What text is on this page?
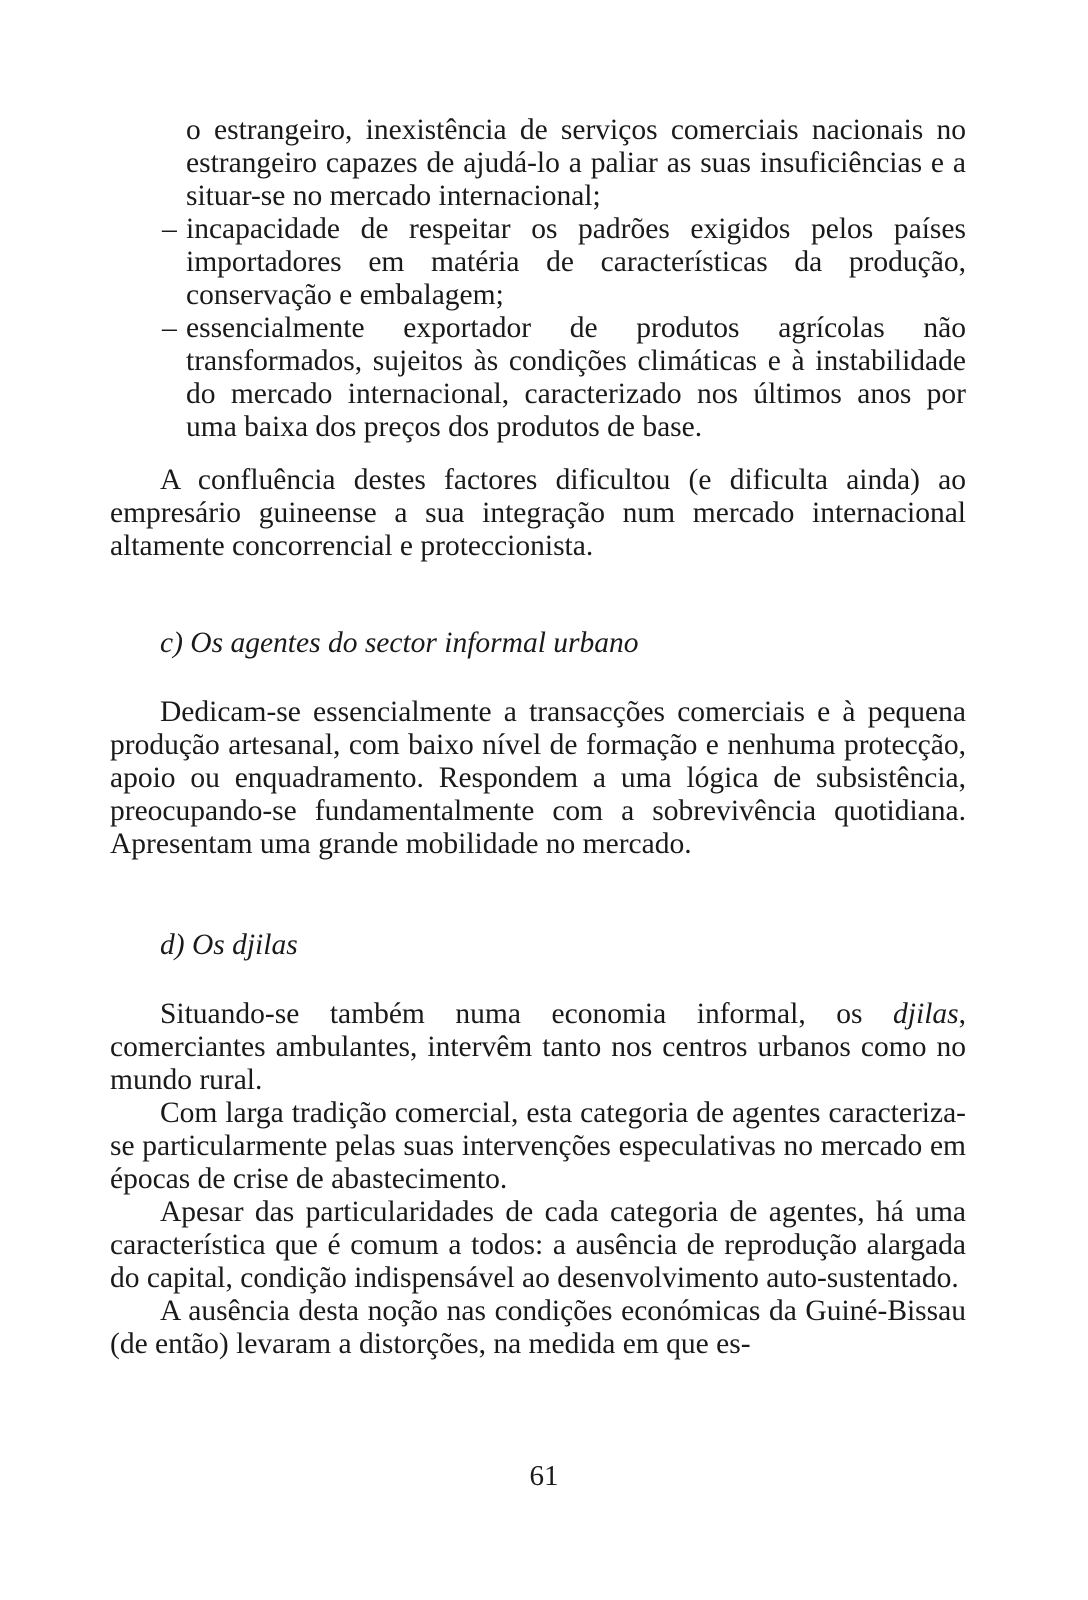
o estrangeiro, inexistência de serviços comerciais nacionais no estrangeiro capazes de ajudá-lo a paliar as suas insuficiências e a situar-se no mercado internacional;

– incapacidade de respeitar os padrões exigidos pelos países importadores em matéria de características da produção, conservação e embalagem;

– essencialmente exportador de produtos agrícolas não transformados, sujeitos às condições climáticas e à instabilidade do mercado internacional, caracterizado nos últimos anos por uma baixa dos preços dos produtos de base.

A confluência destes factores dificultou (e dificulta ainda) ao empresário guineense a sua integração num mercado internacional altamente concorrencial e proteccionista.

c) Os agentes do sector informal urbano

Dedicam-se essencialmente a transacções comerciais e à pequena produção artesanal, com baixo nível de formação e nenhuma protecção, apoio ou enquadramento. Respondem a uma lógica de subsistência, preocupando-se fundamentalmente com a sobrevivência quotidiana. Apresentam uma grande mobilidade no mercado.

d) Os djilas

Situando-se também numa economia informal, os djilas, comerciantes ambulantes, intervêm tanto nos centros urbanos como no mundo rural.

Com larga tradição comercial, esta categoria de agentes caracteriza-se particularmente pelas suas intervenções especulativas no mercado em épocas de crise de abastecimento.

Apesar das particularidades de cada categoria de agentes, há uma característica que é comum a todos: a ausência de reprodução alargada do capital, condição indispensável ao desenvolvimento auto-sustentado.

A ausência desta noção nas condições económicas da Guiné-Bissau (de então) levaram a distorções, na medida em que es-

61
